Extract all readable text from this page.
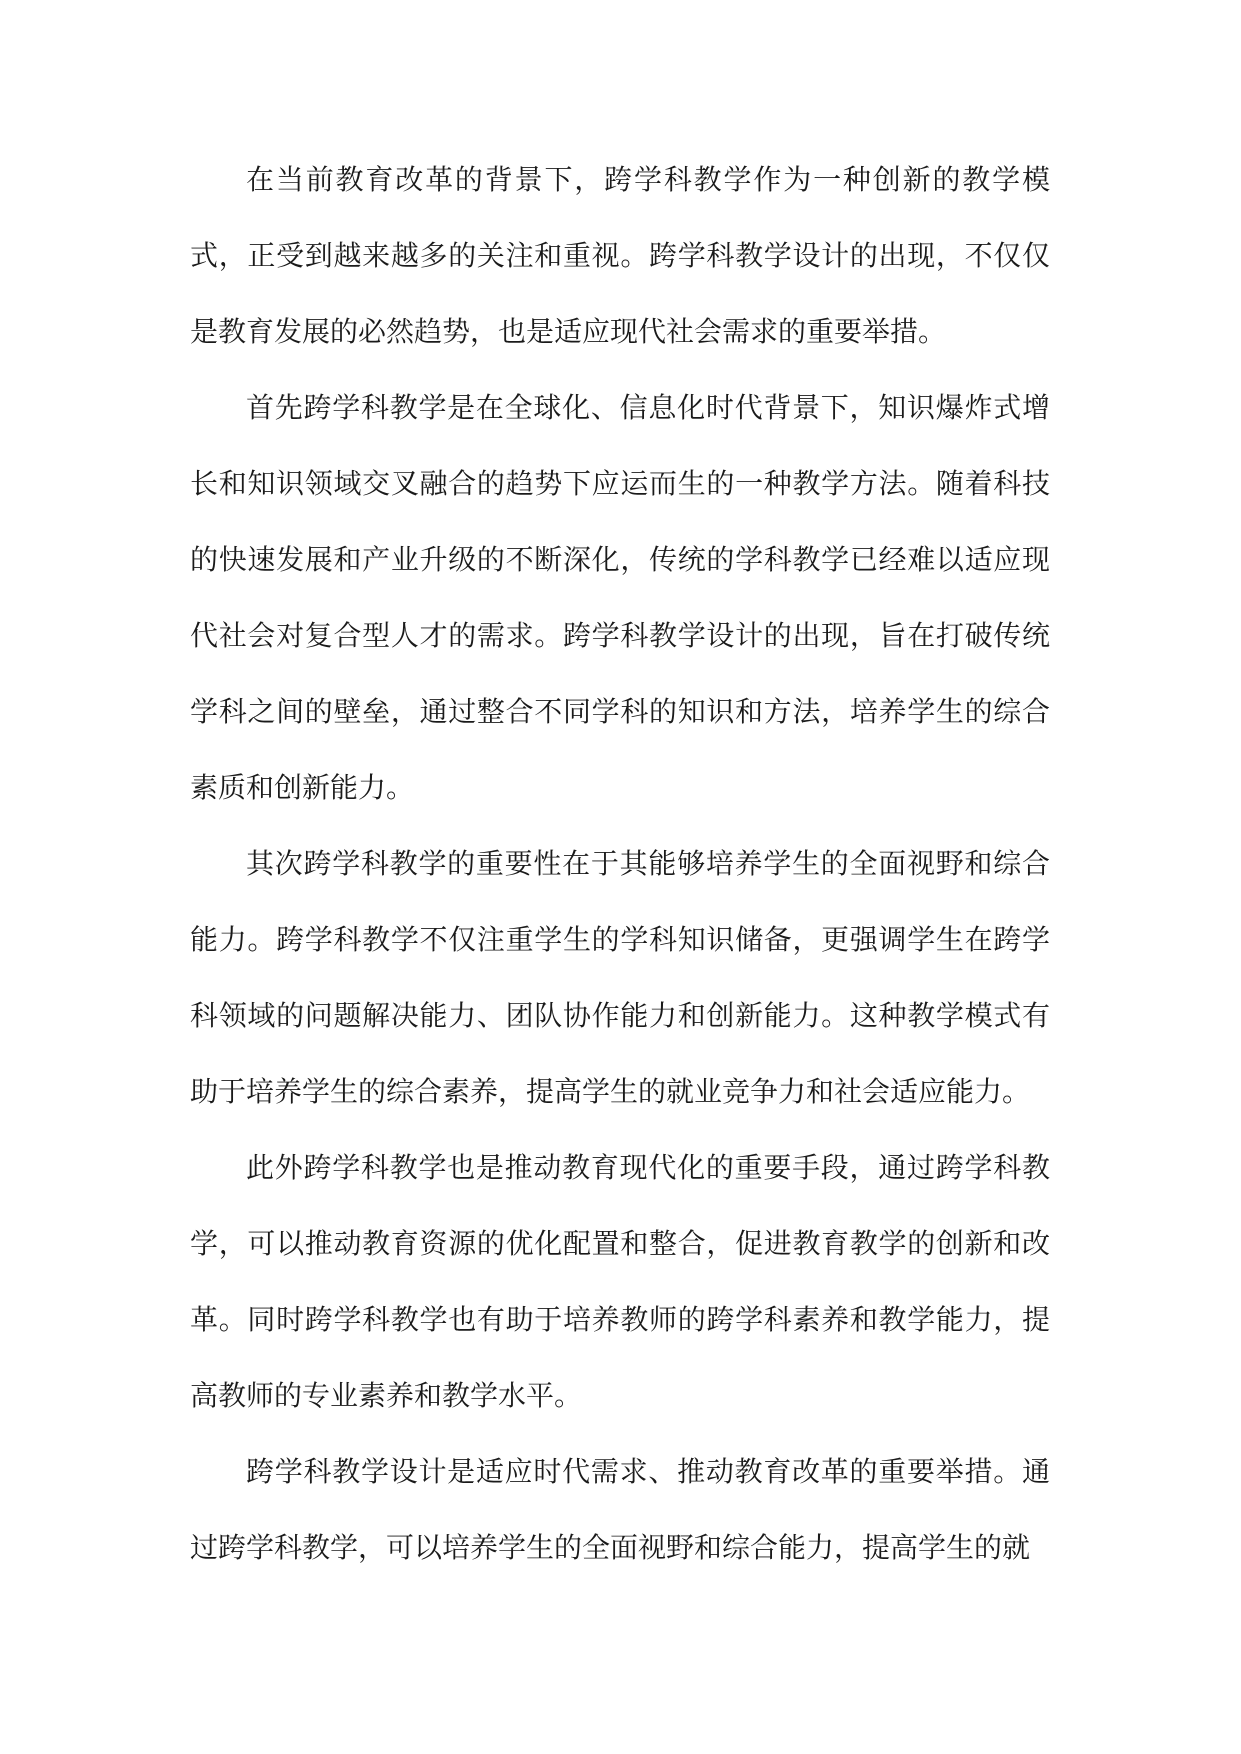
在当前教育改革的背景下，跨学科教学作为一种创新的教学模式，正受到越来越多的关注和重视。跨学科教学设计的出现，不仅仅是教育发展的必然趋势，也是适应现代社会需求的重要举措。

首先跨学科教学是在全球化、信息化时代背景下，知识爆炸式增长和知识领域交叉融合的趋势下应运而生的一种教学方法。随着科技的快速发展和产业升级的不断深化，传统的学科教学已经难以适应现代社会对复合型人才的需求。跨学科教学设计的出现，旨在打破传统学科之间的壁垒，通过整合不同学科的知识和方法，培养学生的综合素质和创新能力。

其次跨学科教学的重要性在于其能够培养学生的全面视野和综合能力。跨学科教学不仅注重学生的学科知识储备，更强调学生在跨学科领域的问题解决能力、团队协作能力和创新能力。这种教学模式有助于培养学生的综合素养，提高学生的就业竞争力和社会适应能力。

此外跨学科教学也是推动教育现代化的重要手段，通过跨学科教学，可以推动教育资源的优化配置和整合，促进教育教学的创新和改革。同时跨学科教学也有助于培养教师的跨学科素养和教学能力，提高教师的专业素养和教学水平。

跨学科教学设计是适应时代需求、推动教育改革的重要举措。通过跨学科教学，可以培养学生的全面视野和综合能力，提高学生的就
